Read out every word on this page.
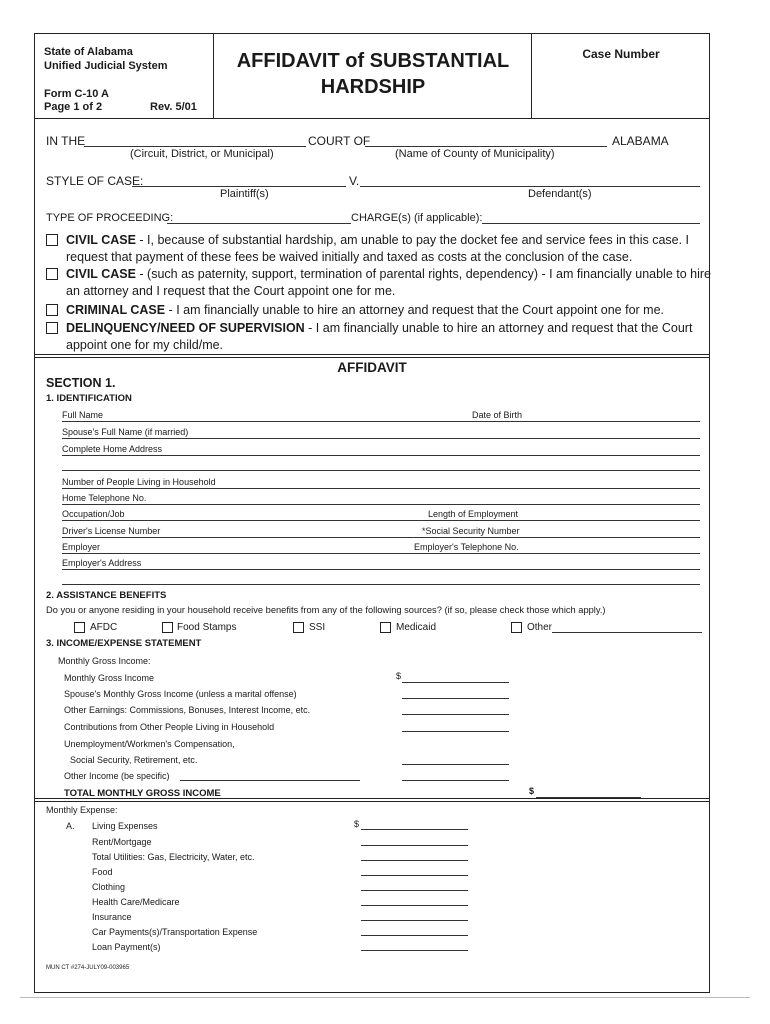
State of Alabama
Unified Judicial System
Form C-10 A
Page 1 of 2	Rev. 5/01
AFFIDAVIT of SUBSTANTIAL
HARDSHIP
Case Number
IN THE	COURT OF	ALABAMA
(Circuit, District, or Municipal)	(Name of County of Municipality)
STYLE OF CASE:	V.
Plaintiff(s)	Defendant(s)
TYPE OF PROCEEDING:	CHARGE(s) (if applicable):
CIVIL CASE - I, because of substantial hardship, am unable to pay the docket fee and service fees in this case. I
request that payment of these fees be waived initially and taxed as costs at the conclusion of the case.
CIVIL CASE - (such as paternity, support, termination of parental rights, dependency) - I am financially unable to hire
an attorney and I request that the Court appoint one for me.
CRIMINAL CASE - I am financially unable to hire an attorney and request that the Court appoint one for me.
DELINQUENCY/NEED OF SUPERVISION - I am financially unable to hire an attorney and request that the Court
appoint one for my child/me.
AFFIDAVIT
SECTION 1.
1. IDENTIFICATION
Full Name	Date of Birth
Spouse's Full Name (if married)
Complete Home Address
Number of People Living in Household
Home Telephone No.
Occupation/Job	Length of Employment
Driver's License Number	*Social Security Number
Employer	Employer's Telephone No.
Employer's Address
2. ASSISTANCE BENEFITS
Do you or anyone residing in your household receive benefits from any of the following sources? (if so, please check those which apply.)
AFDC	Food Stamps	SSI	Medicaid	Other
3. INCOME/EXPENSE STATEMENT
Monthly Gross Income:
Monthly Gross Income	$
Spouse's Monthly Gross Income (unless a marital offense)
Other Earnings: Commissions, Bonuses, Interest Income, etc.
Contributions from Other People Living in Household
Unemployment/Workmen's Compensation,
Social Security, Retirement, etc.
Other Income (be specific)
TOTAL MONTHLY GROSS INCOME	$
Monthly Expense:
A. Living Expenses	$
Rent/Mortgage
Total Utilities: Gas, Electricity, Water, etc.
Food
Clothing
Health Care/Medicare
Insurance
Car Payments(s)/Transportation Expense
Loan Payment(s)
MUN CT #274-JULY09-003965
